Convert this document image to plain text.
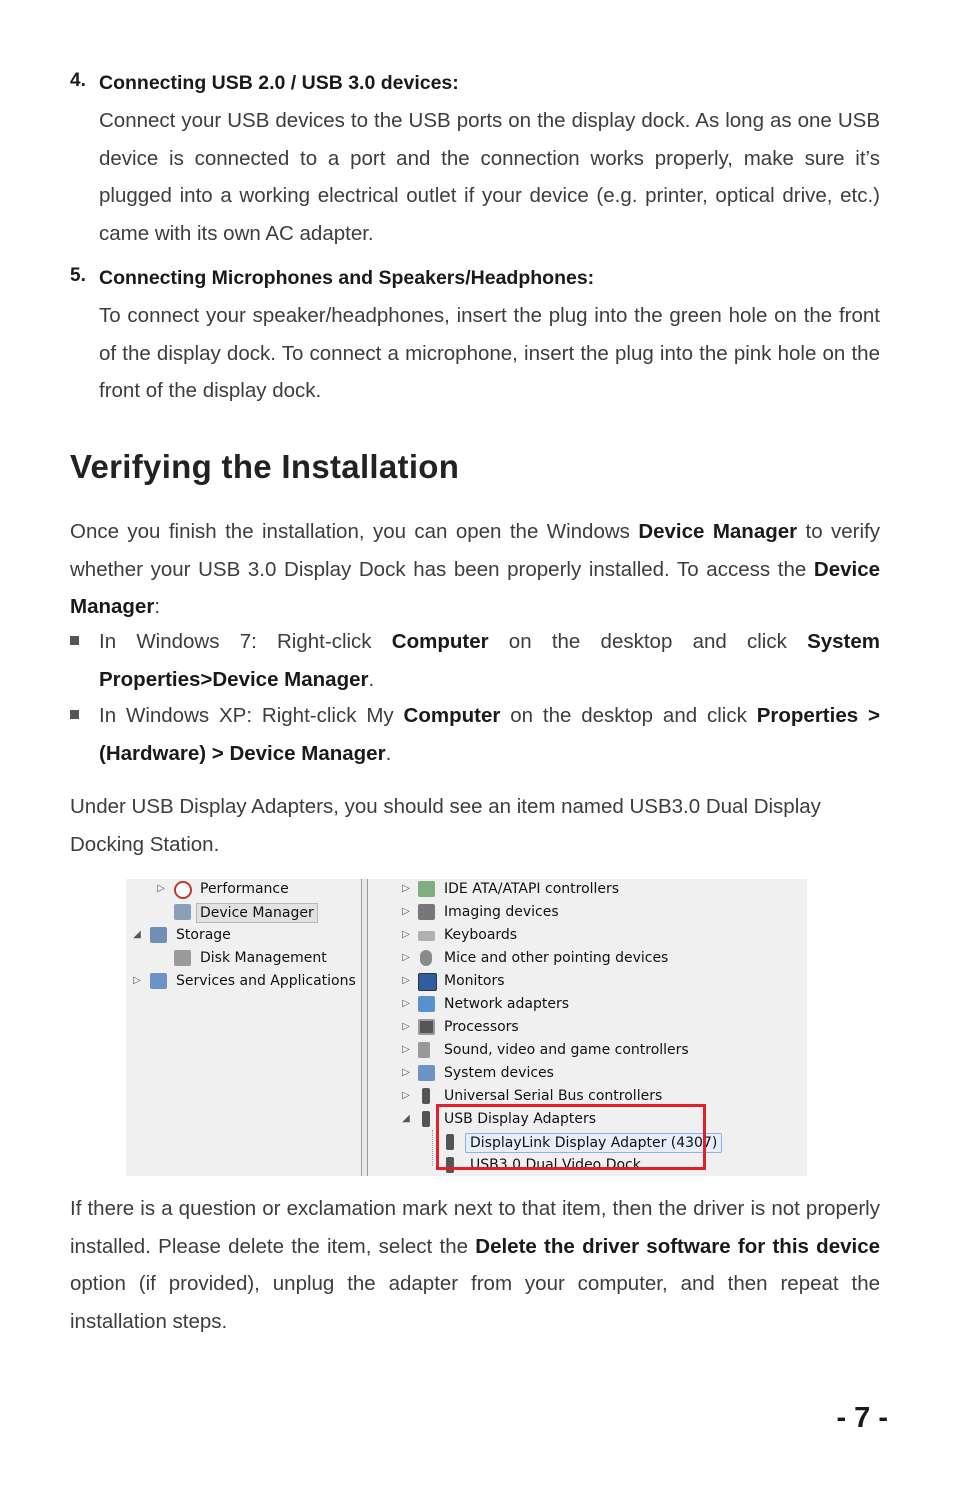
4. Connecting USB 2.0 / USB 3.0 devices:
Connect your USB devices to the USB ports on the display dock. As long as one USB device is connected to a port and the connection works properly, make sure it’s plugged into a working electrical outlet if your device (e.g. printer, optical drive, etc.) came with its own AC adapter.
5. Connecting Microphones and Speakers/Headphones:
To connect your speaker/headphones, insert the plug into the green hole on the front of the display dock. To connect a microphone, insert the plug into the pink hole on the front of the display dock.
Verifying the Installation
Once you finish the installation, you can open the Windows Device Manager to verify whether your USB 3.0 Display Dock has been properly installed. To access the Device Manager:
In Windows 7: Right-click Computer on the desktop and click System Properties>Device Manager.
In Windows XP: Right-click My Computer on the desktop and click Properties > (Hardware) > Device Manager.
Under USB Display Adapters, you should see an item named USB3.0 Dual Display Docking Station.
▷	Performance
Device Manager
◢	Storage
Disk Management
▷	Services and Applications
▷ IDE ATA/ATAPI controllers
▷ Imaging devices
▷ Keyboards
▷ Mice and other pointing devices
▷ Monitors
▷ Network adapters
▷ Processors
▷ Sound, video and game controllers
▷ System devices
▷ Universal Serial Bus controllers
◢ USB Display Adapters
DisplayLink Display Adapter (4307)
USB3.0 Dual Video Dock
If there is a question or exclamation mark next to that item, then the driver is not properly installed. Please delete the item, select the Delete the driver software for this device option (if provided), unplug the adapter from your computer, and then repeat the installation steps.
- 7 -
